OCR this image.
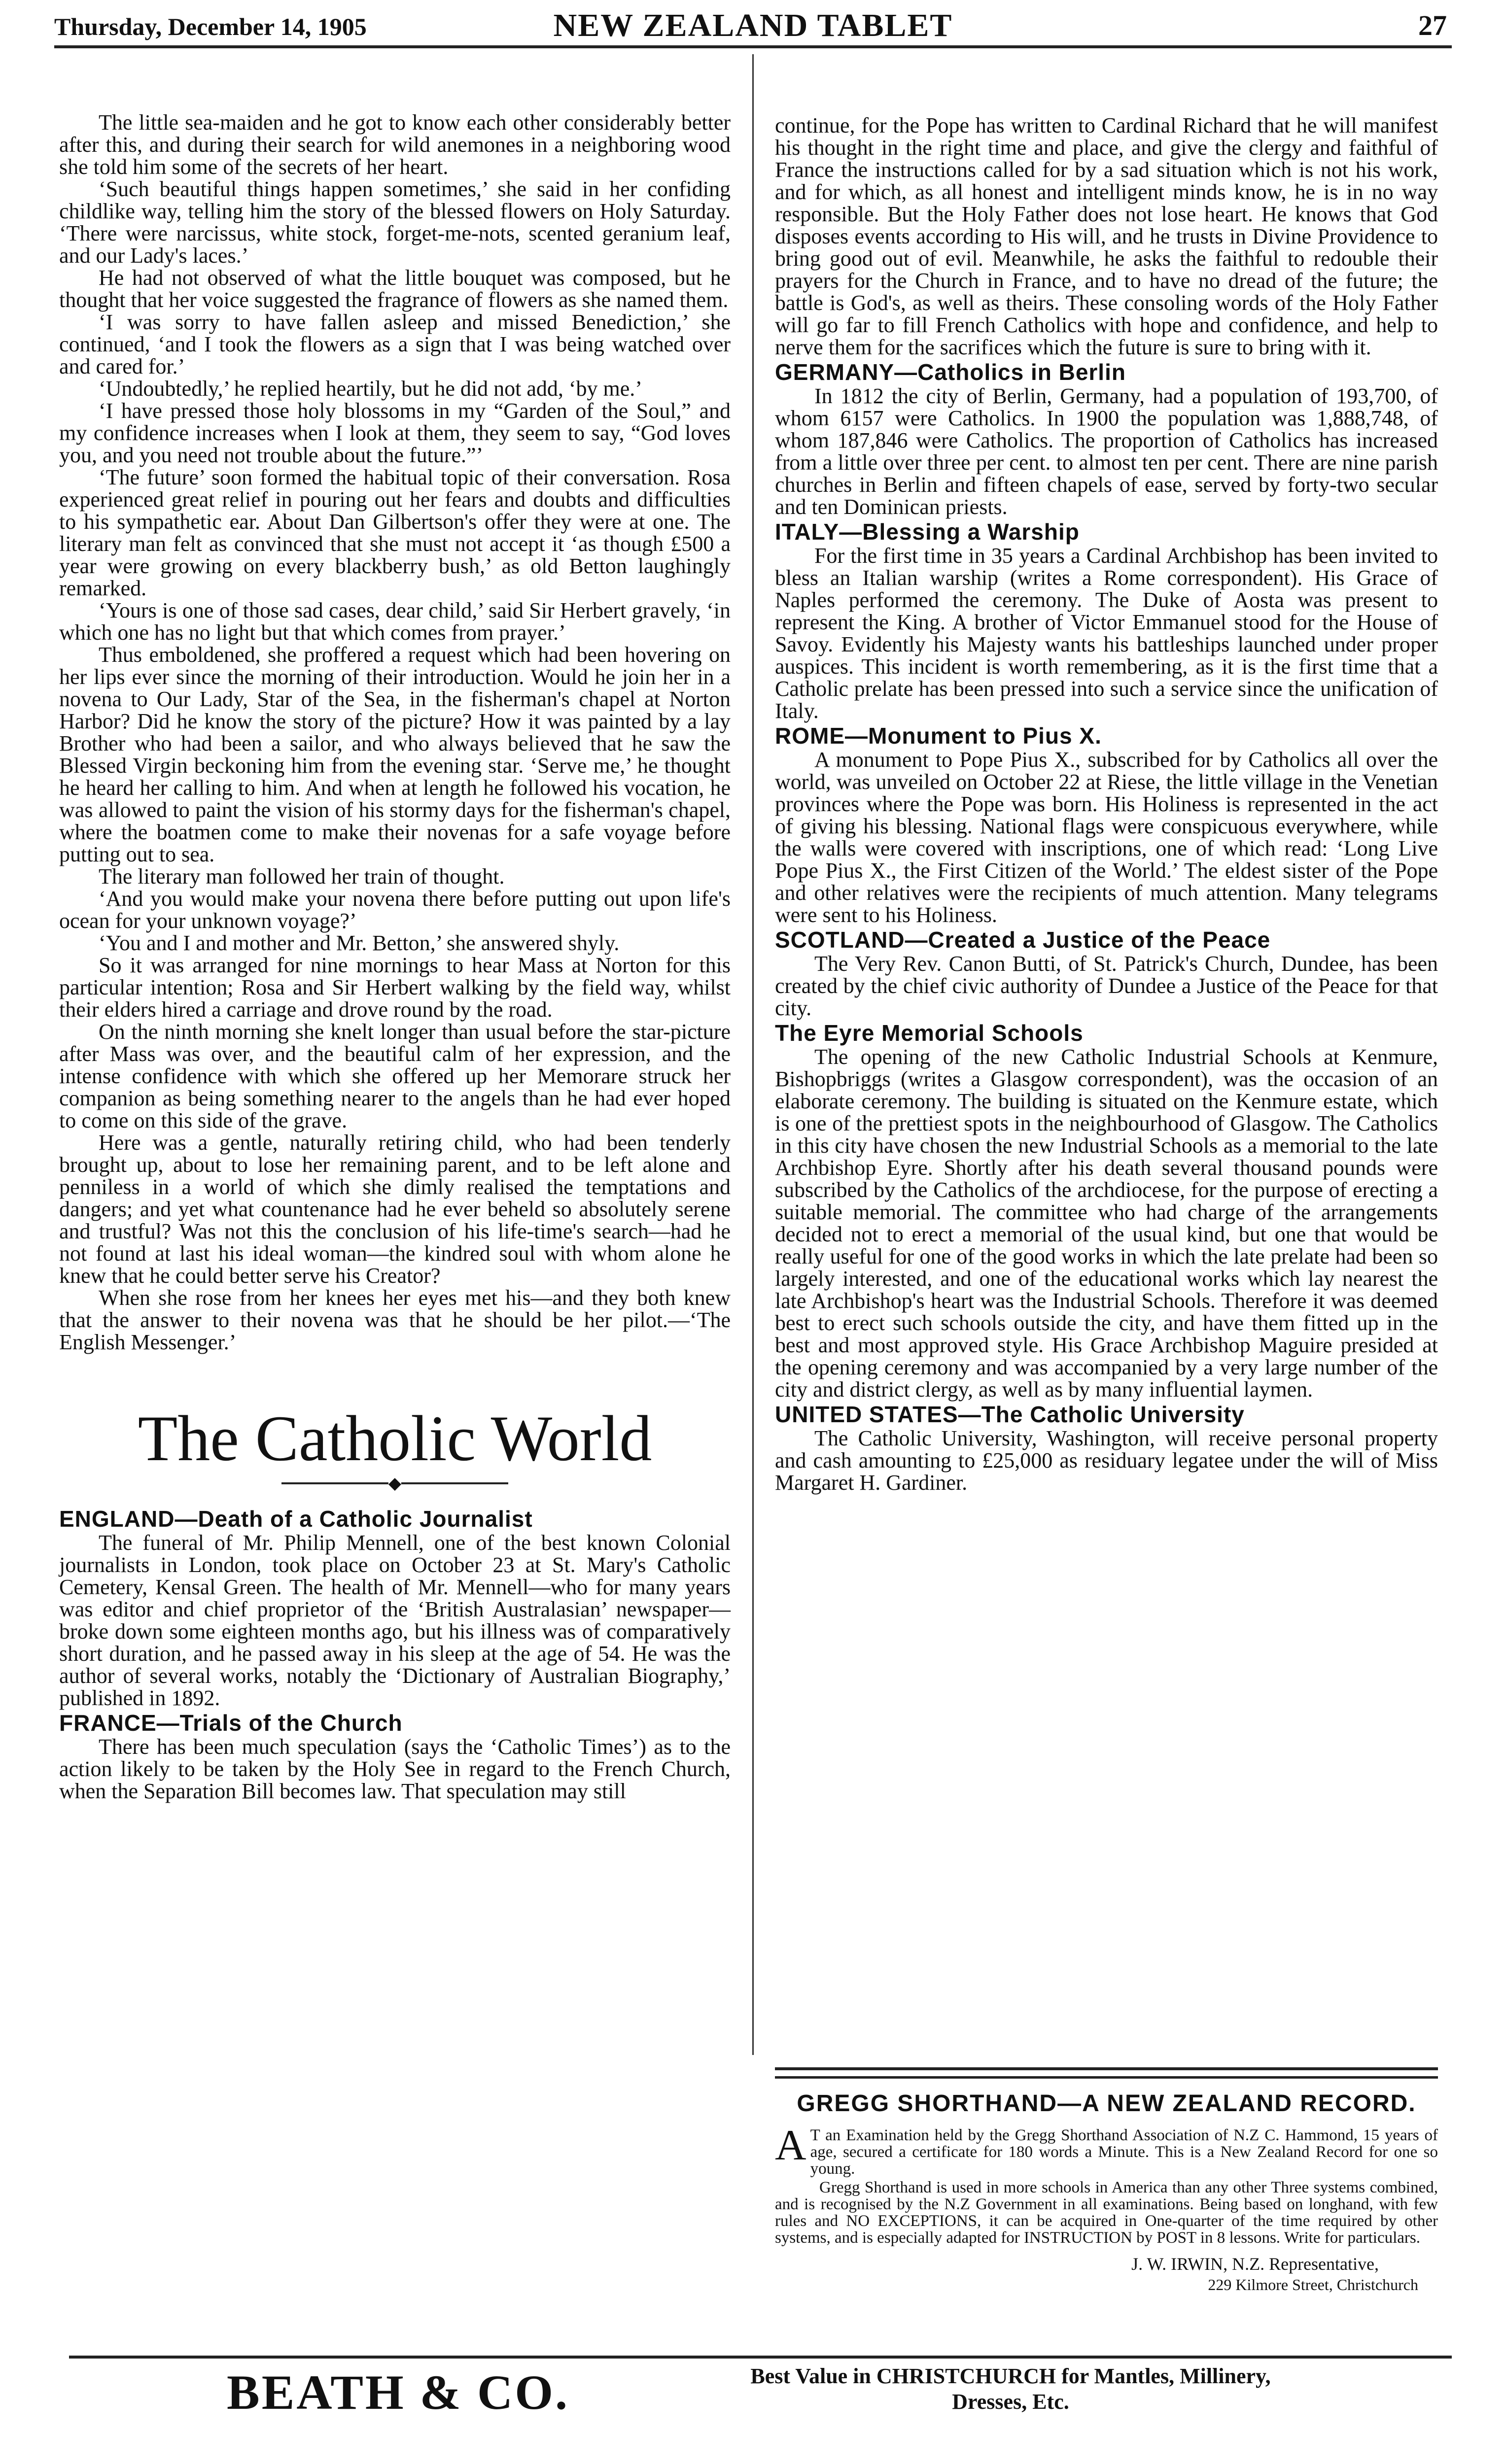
Thursday, December 14, 1905	NEW ZEALAND TABLET	27

The little sea-maiden and he got to know each other considerably better after this, and during their search for wild anemones in a neighboring wood she told him some of the secrets of her heart.

‘Such beautiful things happen sometimes,’ she said in her confiding childlike way, telling him the story of the blessed flowers on Holy Saturday. ‘There were narcissus, white stock, forget-me-nots, scented geranium leaf, and our Lady's laces.’

He had not observed of what the little bouquet was composed, but he thought that her voice suggested the fragrance of flowers as she named them.

‘I was sorry to have fallen asleep and missed Benediction,’ she continued, ‘and I took the flowers as a sign that I was being watched over and cared for.’

‘Undoubtedly,’ he replied heartily, but he did not add, ‘by me.’

‘I have pressed those holy blossoms in my “Garden of the Soul,” and my confidence increases when I look at them, they seem to say, “God loves you, and you need not trouble about the future.”’

‘The future’ soon formed the habitual topic of their conversation. Rosa experienced great relief in pouring out her fears and doubts and difficulties to his sympathetic ear. About Dan Gilbertson's offer they were at one. The literary man felt as convinced that she must not accept it ‘as though £500 a year were growing on every blackberry bush,’ as old Betton laughingly remarked.

‘Yours is one of those sad cases, dear child,’ said Sir Herbert gravely, ‘in which one has no light but that which comes from prayer.’

Thus emboldened, she proffered a request which had been hovering on her lips ever since the morning of their introduction. Would he join her in a novena to Our Lady, Star of the Sea, in the fisherman's chapel at Norton Harbor? Did he know the story of the picture? How it was painted by a lay Brother who had been a sailor, and who always believed that he saw the Blessed Virgin beckoning him from the evening star. ‘Serve me,’ he thought he heard her calling to him. And when at length he followed his vocation, he was allowed to paint the vision of his stormy days for the fisherman's chapel, where the boatmen come to make their novenas for a safe voyage before putting out to sea.

The literary man followed her train of thought.

‘And you would make your novena there before putting out upon life's ocean for your unknown voyage?’

‘You and I and mother and Mr. Betton,’ she answered shyly.

So it was arranged for nine mornings to hear Mass at Norton for this particular intention; Rosa and Sir Herbert walking by the field way, whilst their elders hired a carriage and drove round by the road.

On the ninth morning she knelt longer than usual before the star-picture after Mass was over, and the beautiful calm of her expression, and the intense confidence with which she offered up her Memorare struck her companion as being something nearer to the angels than he had ever hoped to come on this side of the grave.

Here was a gentle, naturally retiring child, who had been tenderly brought up, about to lose her remaining parent, and to be left alone and penniless in a world of which she dimly realised the temptations and dangers; and yet what countenance had he ever beheld so absolutely serene and trustful? Was not this the conclusion of his life-time's search—had he not found at last his ideal woman—the kindred soul with whom alone he knew that he could better serve his Creator?

When she rose from her knees her eyes met his—and they both knew that the answer to their novena was that he should be her pilot.—‘The English Messenger.’

The Catholic World
◆
ENGLAND—Death of a Catholic Journalist

The funeral of Mr. Philip Mennell, one of the best known Colonial journalists in London, took place on October 23 at St. Mary's Catholic Cemetery, Kensal Green. The health of Mr. Mennell—who for many years was editor and chief proprietor of the ‘British Australasian’ newspaper—broke down some eighteen months ago, but his illness was of comparatively short duration, and he passed away in his sleep at the age of 54. He was the author of several works, notably the ‘Dictionary of Australian Biography,’ published in 1892.

FRANCE—Trials of the Church

There has been much speculation (says the ‘Catholic Times’) as to the action likely to be taken by the Holy See in regard to the French Church, when the Separation Bill becomes law. That speculation may still

continue, for the Pope has written to Cardinal Richard that he will manifest his thought in the right time and place, and give the clergy and faithful of France the instructions called for by a sad situation which is not his work, and for which, as all honest and intelligent minds know, he is in no way responsible. But the Holy Father does not lose heart. He knows that God disposes events according to His will, and he trusts in Divine Providence to bring good out of evil. Meanwhile, he asks the faithful to redouble their prayers for the Church in France, and to have no dread of the future; the battle is God's, as well as theirs. These consoling words of the Holy Father will go far to fill French Catholics with hope and confidence, and help to nerve them for the sacrifices which the future is sure to bring with it.

GERMANY—Catholics in Berlin

In 1812 the city of Berlin, Germany, had a population of 193,700, of whom 6157 were Catholics. In 1900 the population was 1,888,748, of whom 187,846 were Catholics. The proportion of Catholics has increased from a little over three per cent. to almost ten per cent. There are nine parish churches in Berlin and fifteen chapels of ease, served by forty-two secular and ten Dominican priests.

ITALY—Blessing a Warship

For the first time in 35 years a Cardinal Archbishop has been invited to bless an Italian warship (writes a Rome correspondent). His Grace of Naples performed the ceremony. The Duke of Aosta was present to represent the King. A brother of Victor Emmanuel stood for the House of Savoy. Evidently his Majesty wants his battleships launched under proper auspices. This incident is worth remembering, as it is the first time that a Catholic prelate has been pressed into such a service since the unification of Italy.

ROME—Monument to Pius X.

A monument to Pope Pius X., subscribed for by Catholics all over the world, was unveiled on October 22 at Riese, the little village in the Venetian provinces where the Pope was born. His Holiness is represented in the act of giving his blessing. National flags were conspicuous everywhere, while the walls were covered with inscriptions, one of which read: ‘Long Live Pope Pius X., the First Citizen of the World.’ The eldest sister of the Pope and other relatives were the recipients of much attention. Many telegrams were sent to his Holiness.

SCOTLAND—Created a Justice of the Peace

The Very Rev. Canon Butti, of St. Patrick's Church, Dundee, has been created by the chief civic authority of Dundee a Justice of the Peace for that city.

The Eyre Memorial Schools

The opening of the new Catholic Industrial Schools at Kenmure, Bishopbriggs (writes a Glasgow correspondent), was the occasion of an elaborate ceremony. The building is situated on the Kenmure estate, which is one of the prettiest spots in the neighbourhood of Glasgow. The Catholics in this city have chosen the new Industrial Schools as a memorial to the late Archbishop Eyre. Shortly after his death several thousand pounds were subscribed by the Catholics of the archdiocese, for the purpose of erecting a suitable memorial. The committee who had charge of the arrangements decided not to erect a memorial of the usual kind, but one that would be really useful for one of the good works in which the late prelate had been so largely interested, and one of the educational works which lay nearest the late Archbishop's heart was the Industrial Schools. Therefore it was deemed best to erect such schools outside the city, and have them fitted up in the best and most approved style. His Grace Archbishop Maguire presided at the opening ceremony and was accompanied by a very large number of the city and district clergy, as well as by many influential laymen.

UNITED STATES—The Catholic University

The Catholic University, Washington, will receive personal property and cash amounting to £25,000 as residuary legatee under the will of Miss Margaret H. Gardiner.

GREGG SHORTHAND—A NEW ZEALAND RECORD.

A T an Examination held by the Gregg Shorthand Association of N.Z C. Hammond, 15 years of age, secured a certificate for 180 words a Minute. This is a New Zealand Record for one so young.

Gregg Shorthand is used in more schools in America than any other Three systems combined, and is recognised by the N.Z Government in all examinations. Being based on longhand, with few rules and NO EXCEPTIONS, it can be acquired in One-quarter of the time required by other systems, and is especially adapted for INSTRUCTION by POST in 8 lessons. Write for particulars.

J. W. IRWIN, N.Z. Representative,
229 Kilmore Street, Christchurch
BEATH & CO.	Best Value in CHRISTCHURCH for Mantles, Millinery,
Dresses, Etc.
